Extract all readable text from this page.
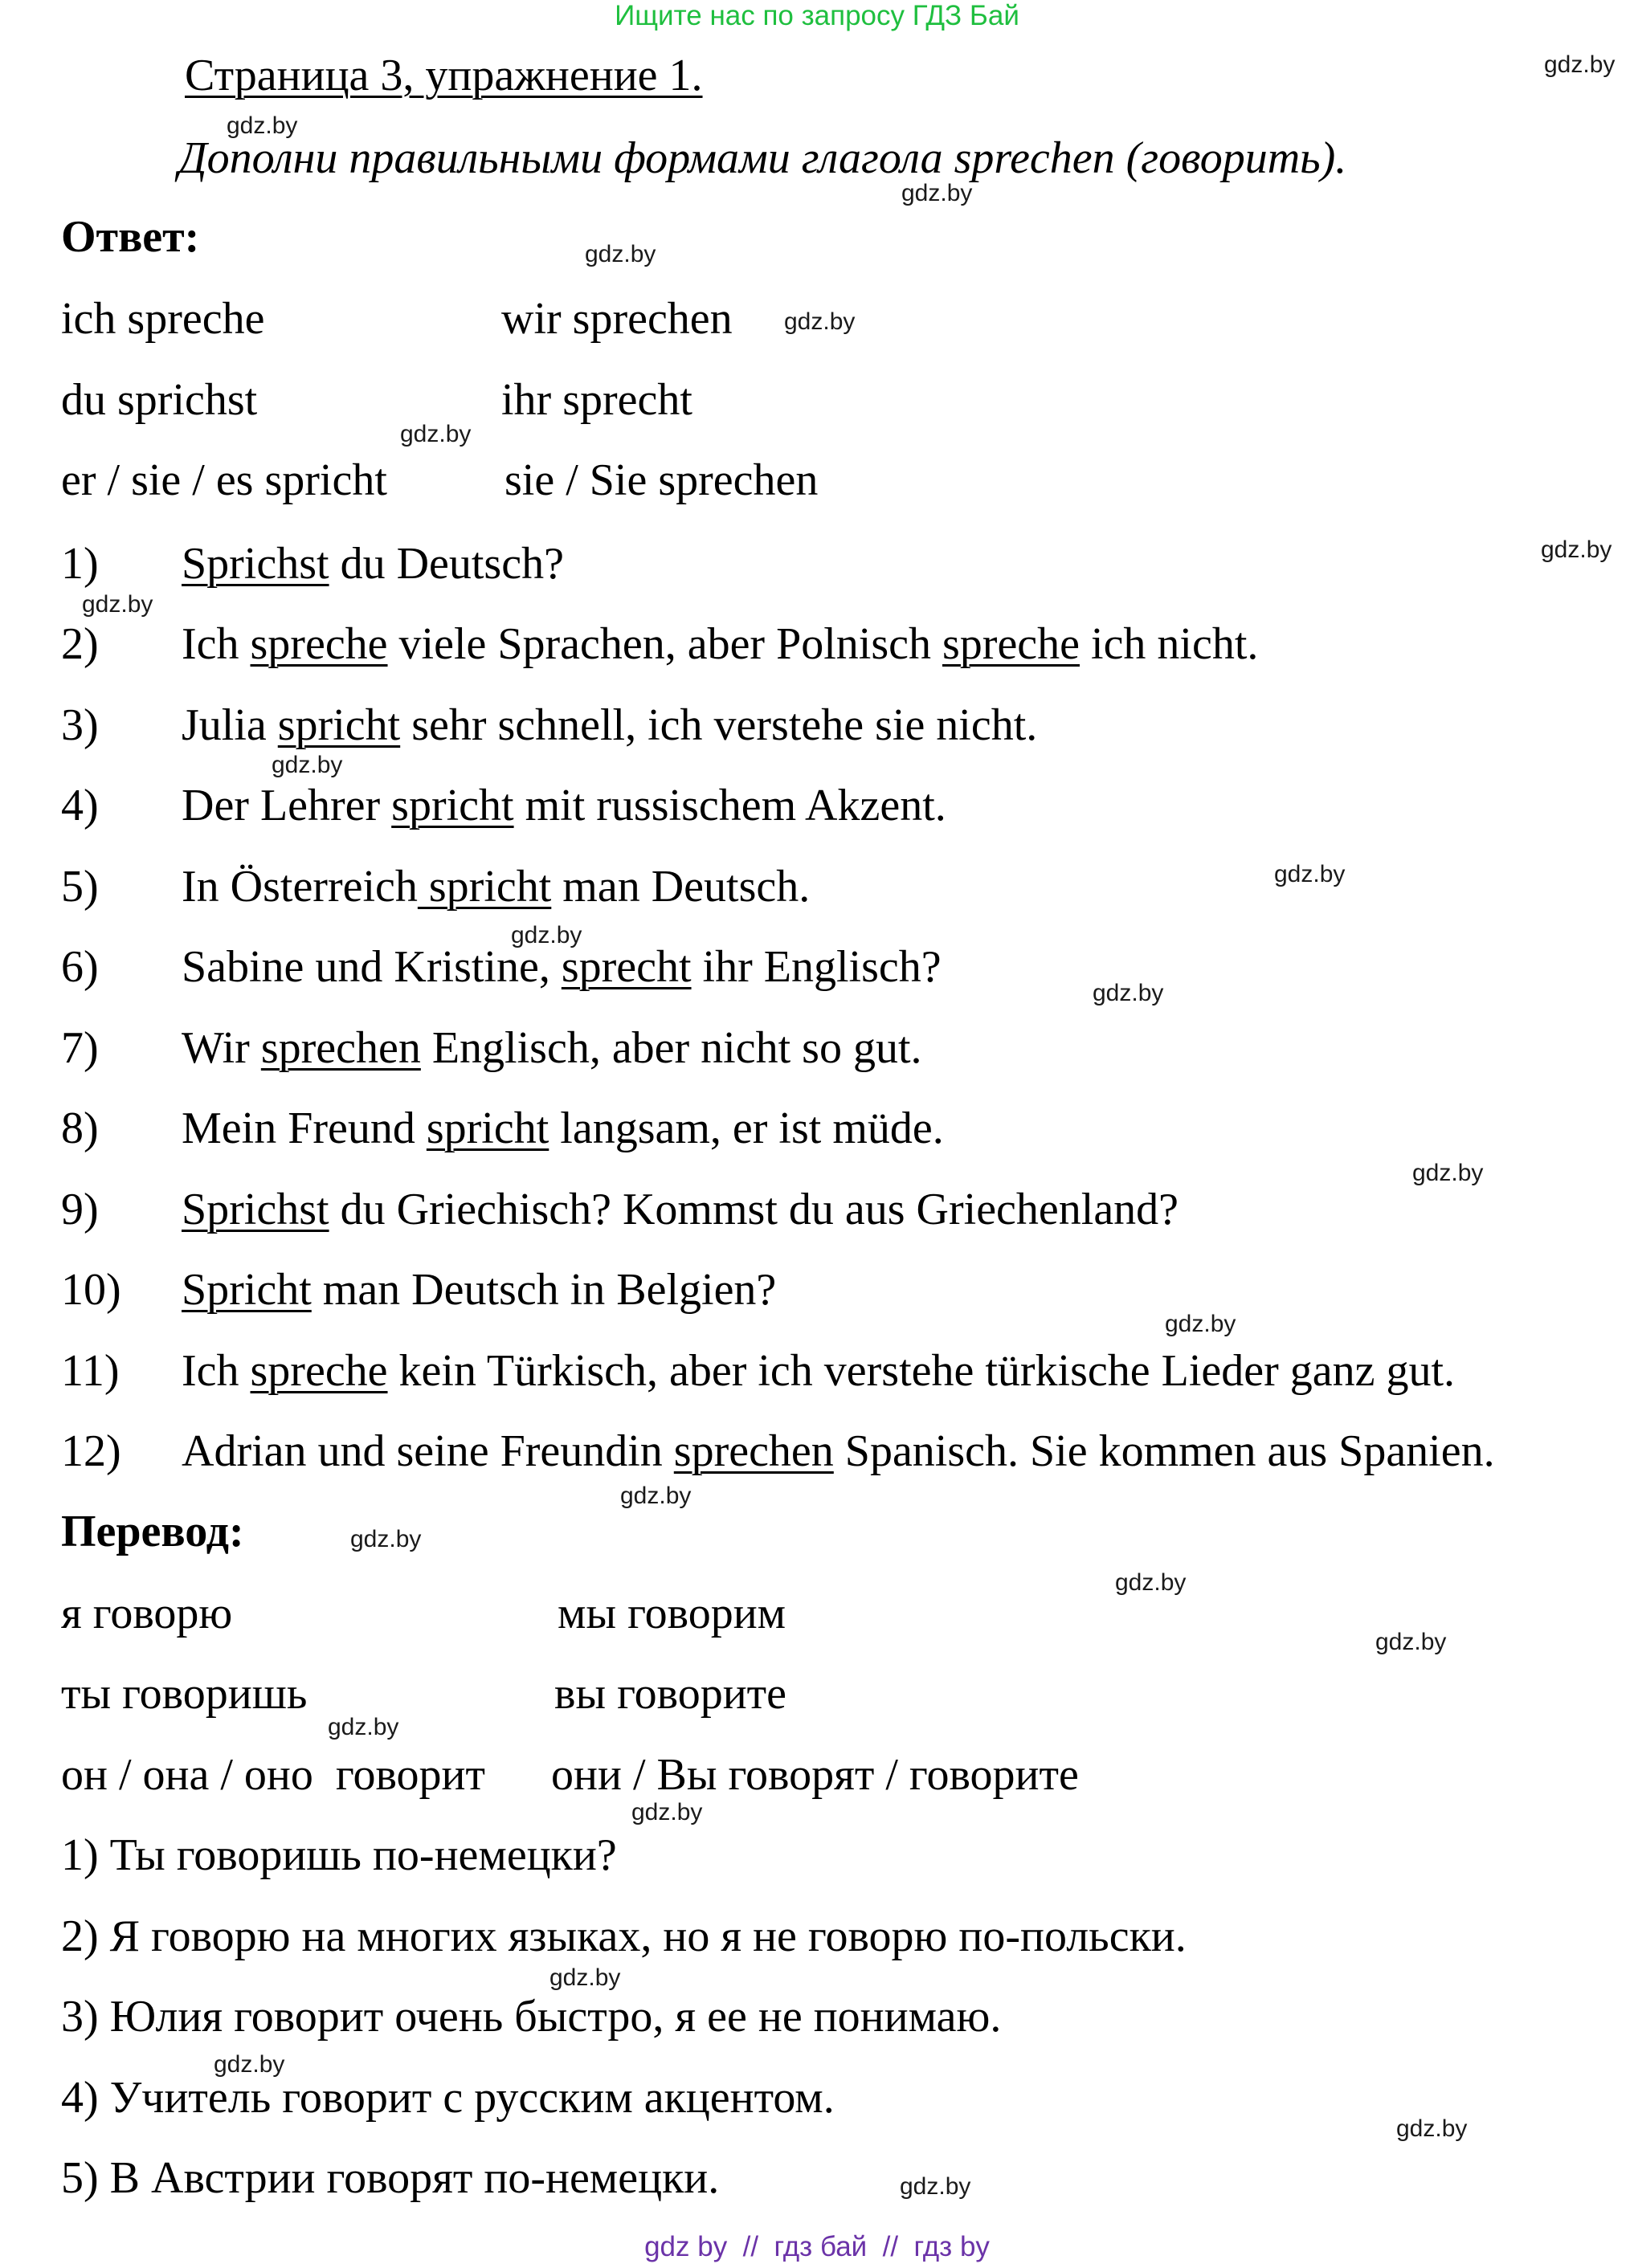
Ищите нас по запросу ГДЗ Бай
Страница 3, упражнение 1.
Дополни правильными формами глагола sprechen (говорить).
Ответ:
ich spreche
du sprichst
er / sie / es spricht
wir sprechen
ihr sprecht
sie / Sie sprechen
1) Sprichst du Deutsch?
2) Ich spreche viele Sprachen, aber Polnisch spreche ich nicht.
3) Julia spricht sehr schnell, ich verstehe sie nicht.
4) Der Lehrer spricht mit russischem Akzent.
5) In Österreich spricht man Deutsch.
6) Sabine und Kristine, sprecht ihr Englisch?
7) Wir sprechen Englisch, aber nicht so gut.
8) Mein Freund spricht langsam, er ist müde.
9) Sprichst du Griechisch? Kommst du aus Griechenland?
10) Spricht man Deutsch in Belgien?
11) Ich spreche kein Türkisch, aber ich verstehe türkische Lieder ganz gut.
12) Adrian und seine Freundin sprechen Spanisch. Sie kommen aus Spanien.
Перевод:
я говорю
ты говоришь
он / она / оно  говорит
мы говорим
вы говорите
они / Вы говорят / говорите
1) Ты говоришь по-немецки?
2) Я говорю на многих языках, но я не говорю по-польски.
3) Юлия говорит очень быстро, я ее не понимаю.
4) Учитель говорит с русским акцентом.
5) В Австрии говорят по-немецки.
gdz.by
gdz.by
gdz.by
gdz.by
gdz.by
gdz.by
gdz.by
gdz.by
gdz.by
gdz.by
gdz.by
gdz.by
gdz.by
gdz.by
gdz.by
gdz.by
gdz.by
gdz.by
gdz.by
gdz.by
gdz.by
gdz.by
gdz.by
gdz.by
gdz by  //  гдз бай  //  гдз by
